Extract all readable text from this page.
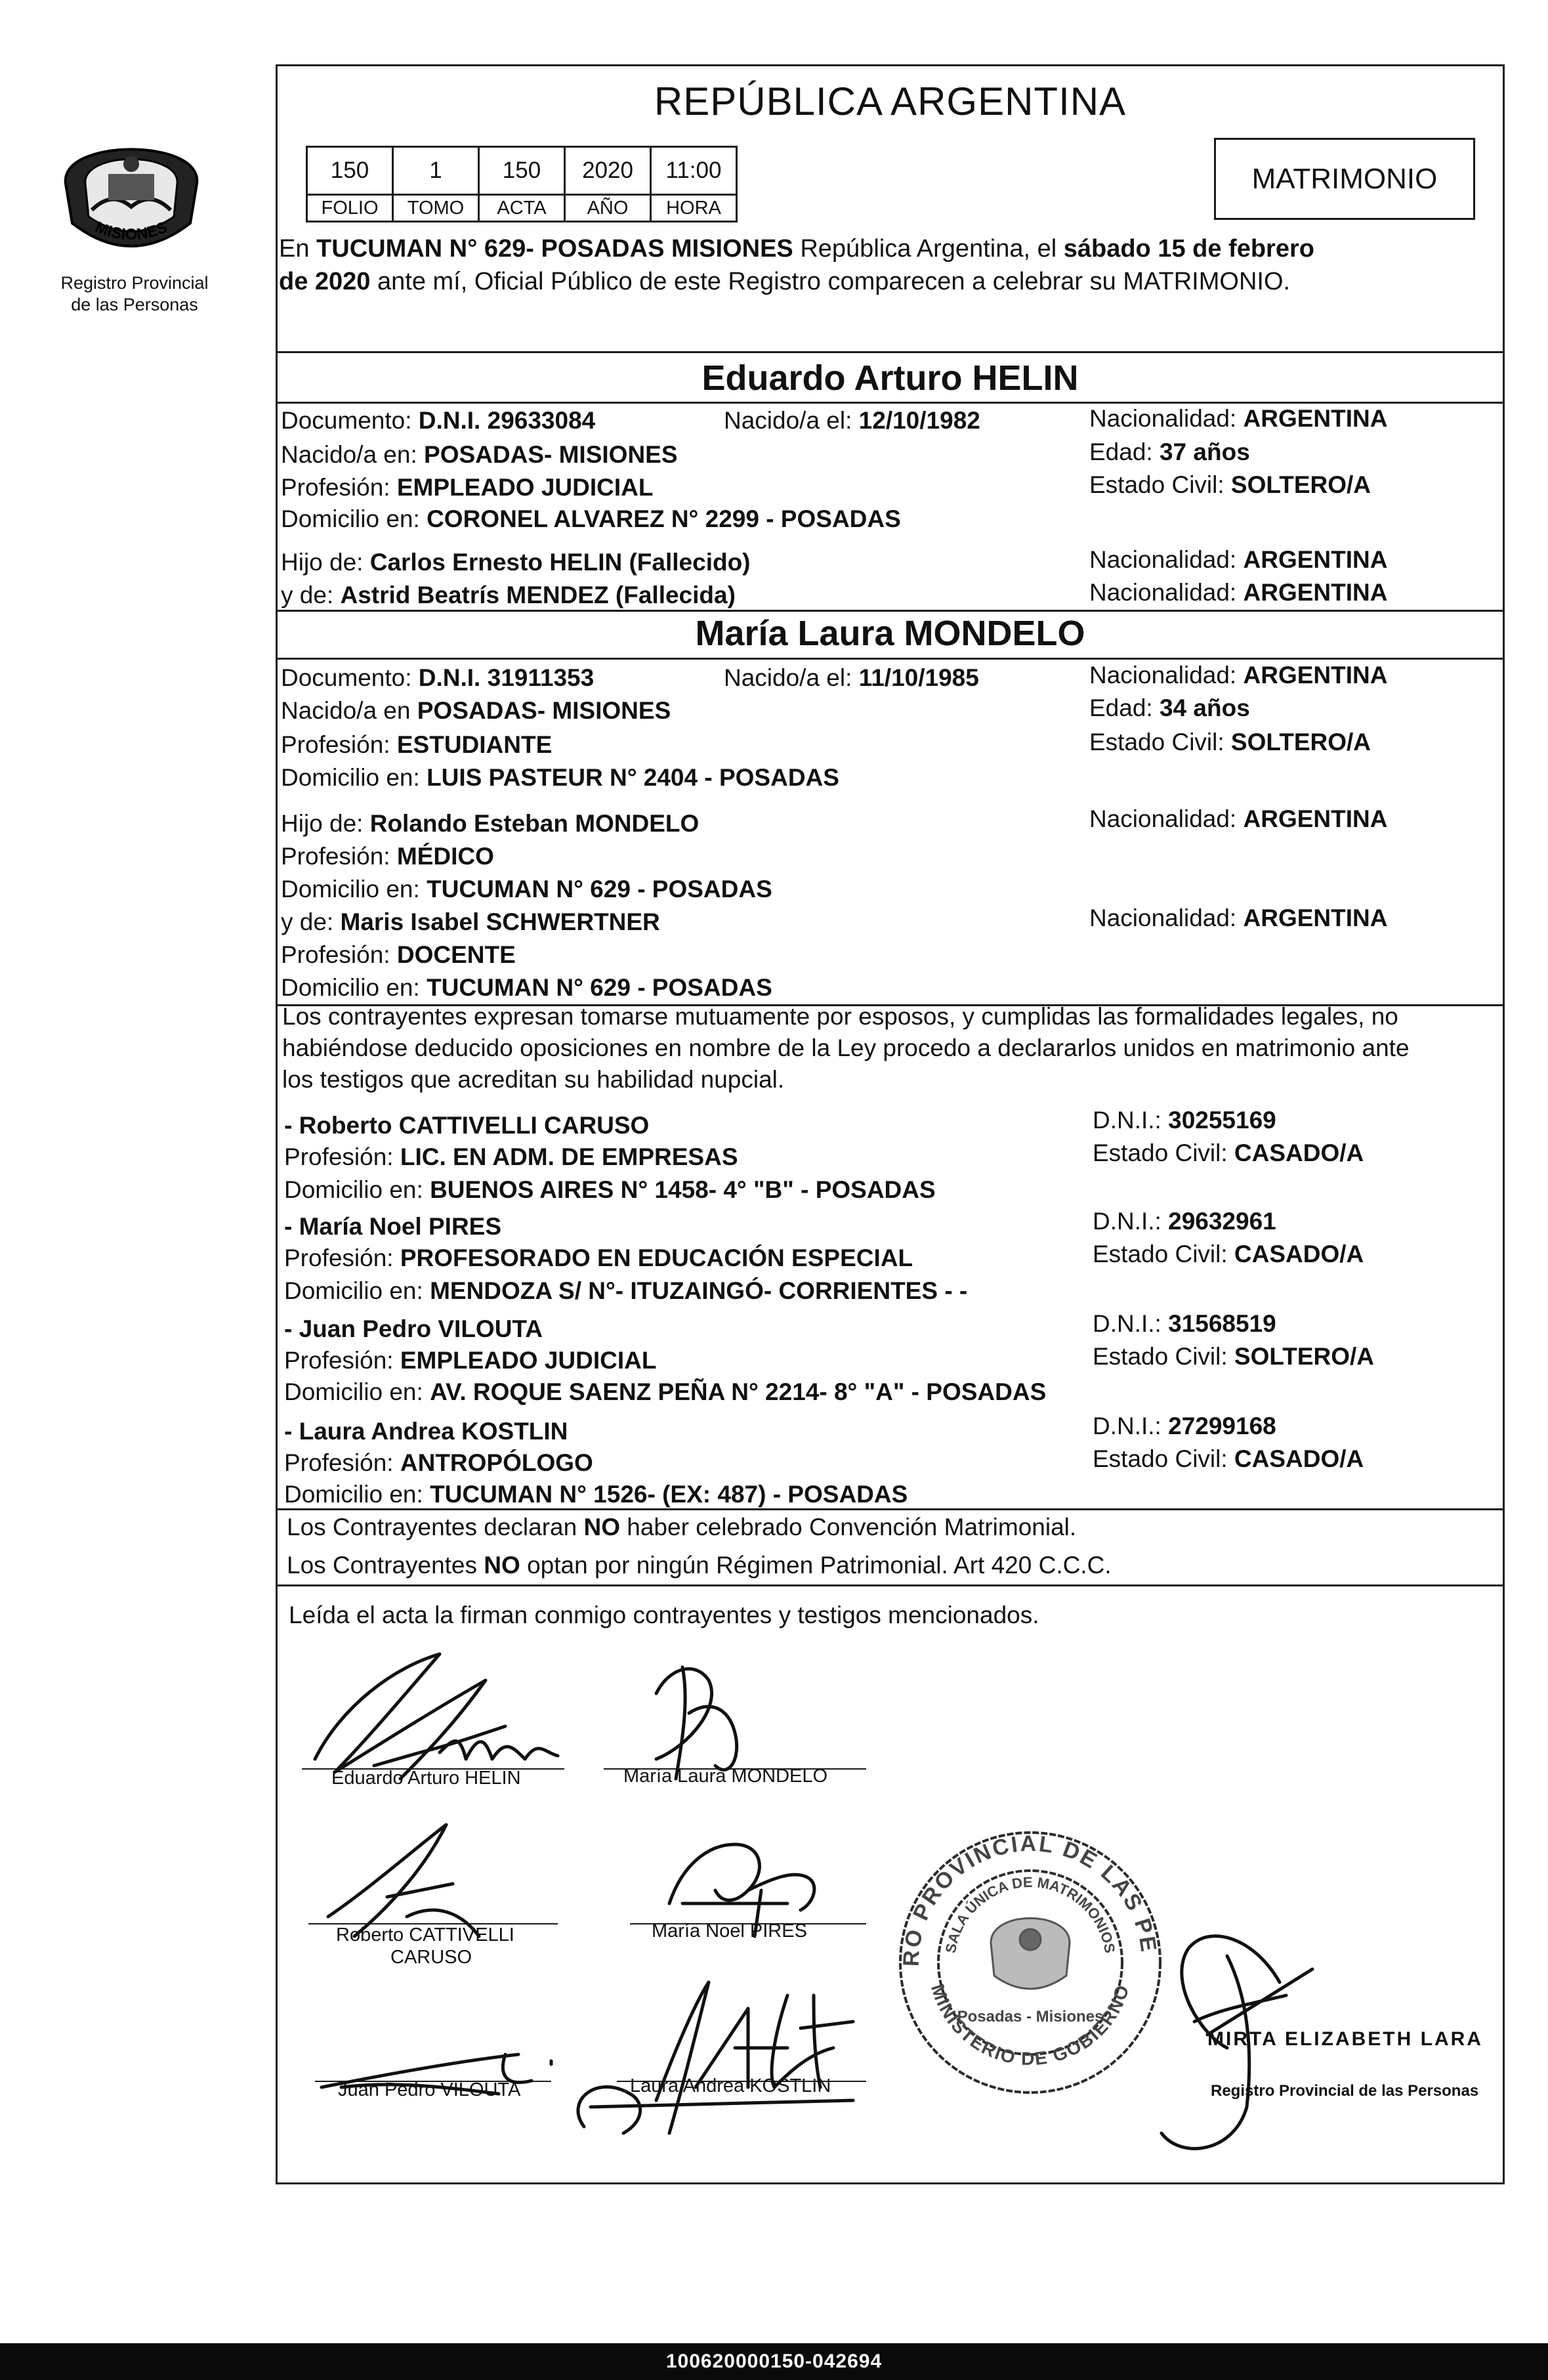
PROVINCIA DE
MISIONES
Registro Provincial
de las Personas
REPÚBLICA ARGENTINA
150	1	150	2020	11:00
FOLIO	TOMO	ACTA	AÑO	HORA
MATRIMONIO
En TUCUMAN N° 629- POSADAS MISIONES República Argentina, el sábado 15 de febrero
de 2020 ante mí, Oficial Público de este Registro comparecen a celebrar su MATRIMONIO.
Eduardo Arturo HELIN
Documento: D.N.I. 29633084	Nacido/a el: 12/10/1982	Nacionalidad: ARGENTINA
Nacido/a en: POSADAS- MISIONES	Edad: 37 años
Profesión: EMPLEADO JUDICIAL	Estado Civil: SOLTERO/A
Domicilio en: CORONEL ALVAREZ N° 2299 - POSADAS
Hijo de: Carlos Ernesto HELIN (Fallecido)	Nacionalidad: ARGENTINA
y de: Astrid Beatrís MENDEZ (Fallecida)	Nacionalidad: ARGENTINA
María Laura MONDELO
Documento: D.N.I. 31911353	Nacido/a el: 11/10/1985	Nacionalidad: ARGENTINA
Nacido/a en POSADAS- MISIONES	Edad: 34 años
Profesión: ESTUDIANTE	Estado Civil: SOLTERO/A
Domicilio en: LUIS PASTEUR N° 2404 - POSADAS
Hijo de: Rolando Esteban MONDELO	Nacionalidad: ARGENTINA
Profesión: MÉDICO
Domicilio en: TUCUMAN N° 629 - POSADAS
y de: Maris Isabel SCHWERTNER	Nacionalidad: ARGENTINA
Profesión: DOCENTE
Domicilio en: TUCUMAN N° 629 - POSADAS
Los contrayentes expresan tomarse mutuamente por esposos, y cumplidas las formalidades legales, no
habiéndose deducido oposiciones en nombre de la Ley procedo a declararlos unidos en matrimonio ante
los testigos que acreditan su habilidad nupcial.
- Roberto CATTIVELLI CARUSO	D.N.I.: 30255169
Profesión: LIC. EN ADM. DE EMPRESAS	Estado Civil: CASADO/A
Domicilio en: BUENOS AIRES N° 1458- 4° "B" - POSADAS
- María Noel PIRES	D.N.I.: 29632961
Profesión: PROFESORADO EN EDUCACIÓN ESPECIAL	Estado Civil: CASADO/A
Domicilio en: MENDOZA S/ N°- ITUZAINGÓ- CORRIENTES - -
- Juan Pedro VILOUTA	D.N.I.: 31568519
Profesión: EMPLEADO JUDICIAL	Estado Civil: SOLTERO/A
Domicilio en: AV. ROQUE SAENZ PEÑA N° 2214- 8° "A" - POSADAS
- Laura Andrea KOSTLIN	D.N.I.: 27299168
Profesión: ANTROPÓLOGO	Estado Civil: CASADO/A
Domicilio en: TUCUMAN N° 1526- (EX: 487) - POSADAS
Los Contrayentes declaran NO haber celebrado Convención Matrimonial.
Los Contrayentes NO optan por ningún Régimen Patrimonial. Art 420 C.C.C.
Leída el acta la firman conmigo contrayentes y testigos mencionados.
Eduardo Arturo HELIN	María Laura MONDELO
Roberto CATTIVELLI
CARUSO
María Noel PIRES
Juan Pedro VILOUTA	Laura Andrea KOSTLIN
REGISTRO PROVINCIAL DE LAS PERSONAS
SALA ÚNICA DE MATRIMONIOS
MINISTERIO DE GOBIERNO
Posadas - Misiones
MIRTA ELIZABETH LARA
Registro Provincial de las Personas
100620000150-042694
